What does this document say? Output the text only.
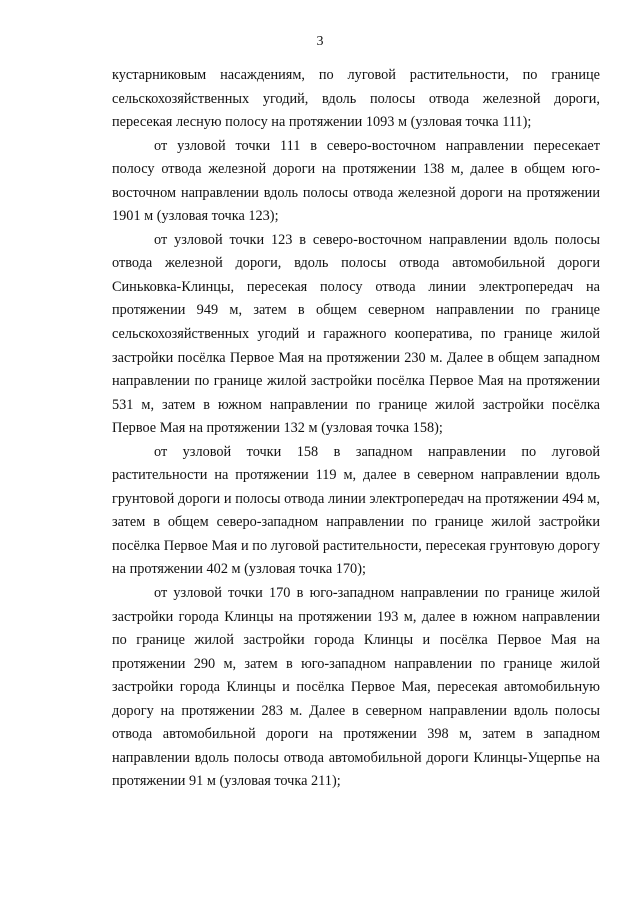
3

кустарниковым насаждениям, по луговой растительности, по границе сельскохозяйственных угодий, вдоль полосы отвода железной дороги, пересекая лесную полосу на протяжении 1093 м (узловая точка 111);

от узловой точки 111 в северо-восточном направлении пересекает полосу отвода железной дороги на протяжении 138 м, далее в общем юго-восточном направлении вдоль полосы отвода железной дороги на протяжении 1901 м (узловая точка 123);

от узловой точки 123 в северо-восточном направлении вдоль полосы отвода железной дороги, вдоль полосы отвода автомобильной дороги Синьковка-Клинцы, пересекая полосу отвода линии электропередач на протяжении 949 м, затем в общем северном направлении по границе сельскохозяйственных угодий и гаражного кооператива, по границе жилой застройки посёлка Первое Мая на протяжении 230 м. Далее в общем западном направлении по границе жилой застройки посёлка Первое Мая на протяжении 531 м, затем в южном направлении по границе жилой застройки посёлка Первое Мая на протяжении 132 м (узловая точка 158);

от узловой точки 158 в западном направлении по луговой растительности на протяжении 119 м, далее в северном направлении вдоль грунтовой дороги и полосы отвода линии электропередач на протяжении 494 м, затем в общем северо-западном направлении по границе жилой застройки посёлка Первое Мая и по луговой растительности, пересекая грунтовую дорогу на протяжении 402 м (узловая точка 170);

от узловой точки 170 в юго-западном направлении по границе жилой застройки города Клинцы на протяжении 193 м, далее в южном направлении по границе жилой застройки города Клинцы и посёлка Первое Мая на протяжении 290 м, затем в юго-западном направлении по границе жилой застройки города Клинцы и посёлка Первое Мая, пересекая автомобильную дорогу на протяжении 283 м. Далее в северном направлении вдоль полосы отвода автомобильной дороги на протяжении 398 м, затем в западном направлении вдоль полосы отвода автомобильной дороги Клинцы-Ущерпье на протяжении 91 м (узловая точка 211);
